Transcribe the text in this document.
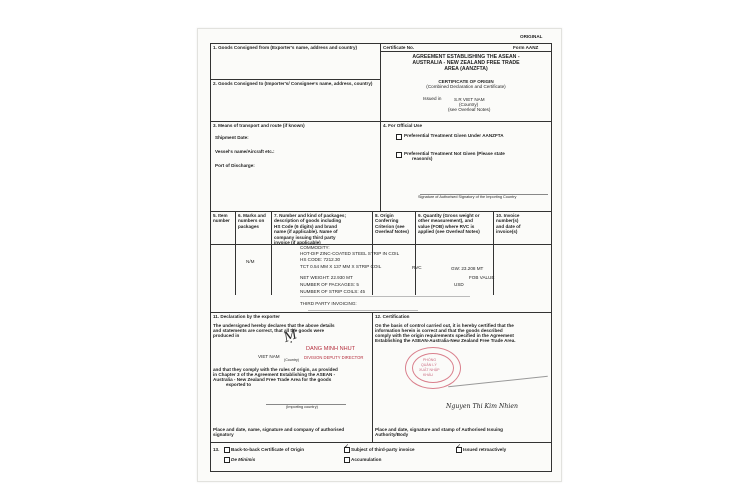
ORIGINAL
1. Goods Consigned from (Exporter's name, address and country)
2. Goods Consigned to (Importer's/ Consignee's name, address, country)
3. Means of transport and route (if known)
Shipment Date:
Vessel's name/Aircraft etc.:
Port of Discharge:
Certificate No.	Form AANZ
AGREEMENT ESTABLISHING THE ASEAN -
AUSTRALIA - NEW ZEALAND FREE TRADE
AREA (AANZFTA)
CERTIFICATE OF ORIGIN
(Combined Declaration and Certificate)
Issued in	S.R VIET NAM
(Country)
(see Overleaf Notes)
4. For Official Use
Preferential Treatment Given Under AANZFTA
Preferential Treatment Not Given (Please state
reason/s)
Signature of Authorised Signatory of the Importing Country
5. Item
number
6. Marks and
numbers on
packages
7. Number and kind of packages;
description of goods including
HS Code (6 digits) and brand
name (if applicable). Name of
company issuing third party
invoice (if applicable)
8. Origin
Conferring
Criterion (see
Overleaf Notes)
9. Quantity (Gross weight or
other measurement), and
value (FOB) where RVC is
applied (see Overleaf Notes)
10. Invoice
number(s)
and date of
invoice(s)
N/M
COMMODITY:
HOT-DIP ZINC-COATED STEEL STRIP IN COIL
HS CODE: 7212.30
TCT 0.54 MM X 137 MM X STRIP COIL	RVC	GW: 23.208 MT
NET WEIGHT: 22.930 MT
NUMBER OF PACKAGES: 5
NUMBER OF STRIP COILS: 45
FOB VALUE
USD
THIRD PARTY INVOICING:
11. Declaration by the exporter
The undersigned hereby declares that the above details
and statements are correct, that all the goods were
produced in	Ṃ
VIET NAM
(Country)
DANG MINH NHUT
DIVISION DEPUTY DIRECTOR
and that they comply with the rules of origin, as provided
in Chapter 3 of the Agreement Establishing the ASEAN -
Australia - New Zealand Free Trade Area for the goods
exported to
(Importing country)
Place and date, name, signature and company of authorised
signatory
12. Certification
On the basis of control carried out, it is hereby certified that the
information herein is correct and that the goods described
comply with the origin requirements specified in the Agreement
Establishing the ASEAN-Australia-New Zealand Free Trade Area.
PHÒNG
QUẢN LÝ
XUẤT NHẬP
KHẨU
Nguyen Thi Kim Nhien
Place and date, signature and stamp of Authorised Issuing
Authority/Body
13.	Back-to-back Certificate of Origin	✓ Subject of third-party invoice	✓ Issued retroactively
De Minimis	Accumulation
